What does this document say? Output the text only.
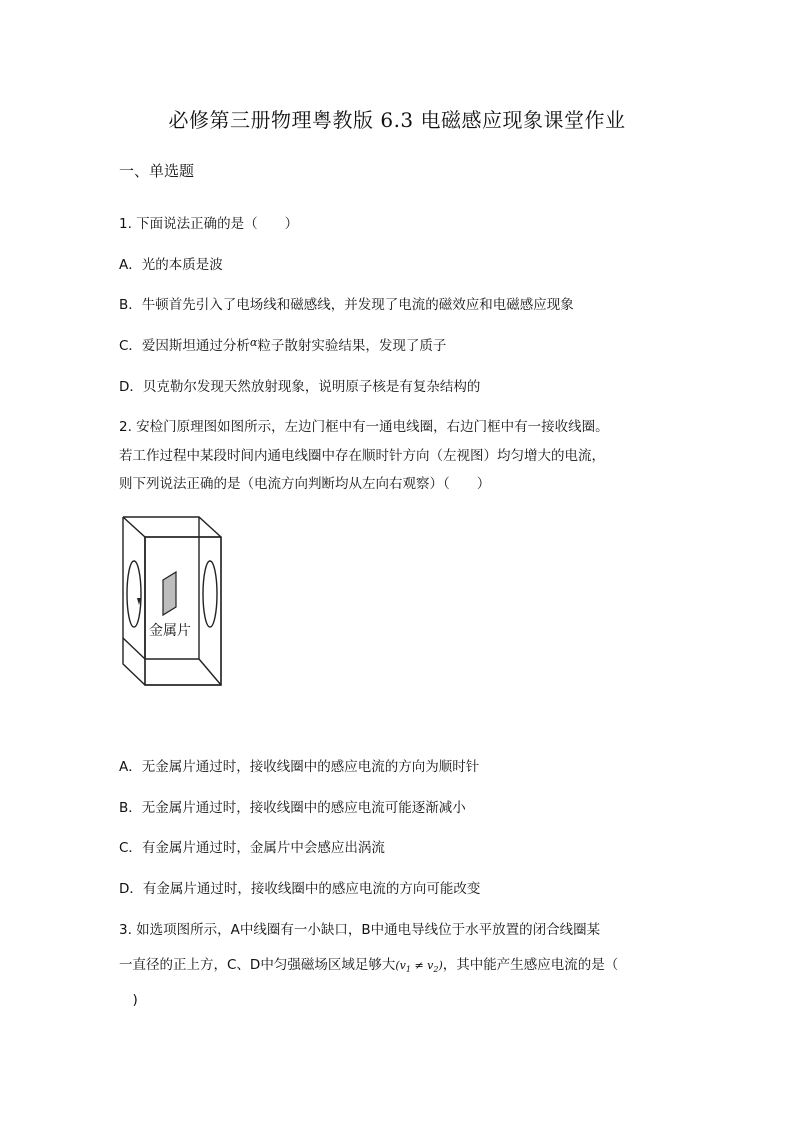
必修第三册物理粤教版 6.3 电磁感应现象课堂作业
一、单选题
1. 下面说法正确的是（　　）
A．光的本质是波
B．牛顿首先引入了电场线和磁感线，并发现了电流的磁效应和电磁感应现象
C．爱因斯坦通过分析$^\alpha$粒子散射实验结果，发现了质子
D．贝克勒尔发现天然放射现象，说明原子核是有复杂结构的
2. 安检门原理图如图所示，左边门框中有一通电线圈，右边门框中有一接收线圈。
若工作过程中某段时间内通电线圈中存在顺时针方向（左视图）均匀增大的电流，
则下列说法正确的是（电流方向判断均从左向右观察）（　　）
金属片
A．无金属片通过时，接收线圈中的感应电流的方向为顺时针
B．无金属片通过时，接收线圈中的感应电流可能逐渐减小
C．有金属片通过时，金属片中会感应出涡流
D．有金属片通过时，接收线圈中的感应电流的方向可能改变
3. 如选项图所示，A中线圈有一小缺口，B中通电导线位于水平放置的闭合线圈某
一直径的正上方，C、D中匀强磁场区域足够大$(v_1 \ne v_2)$，其中能产生感应电流的是（
　)
